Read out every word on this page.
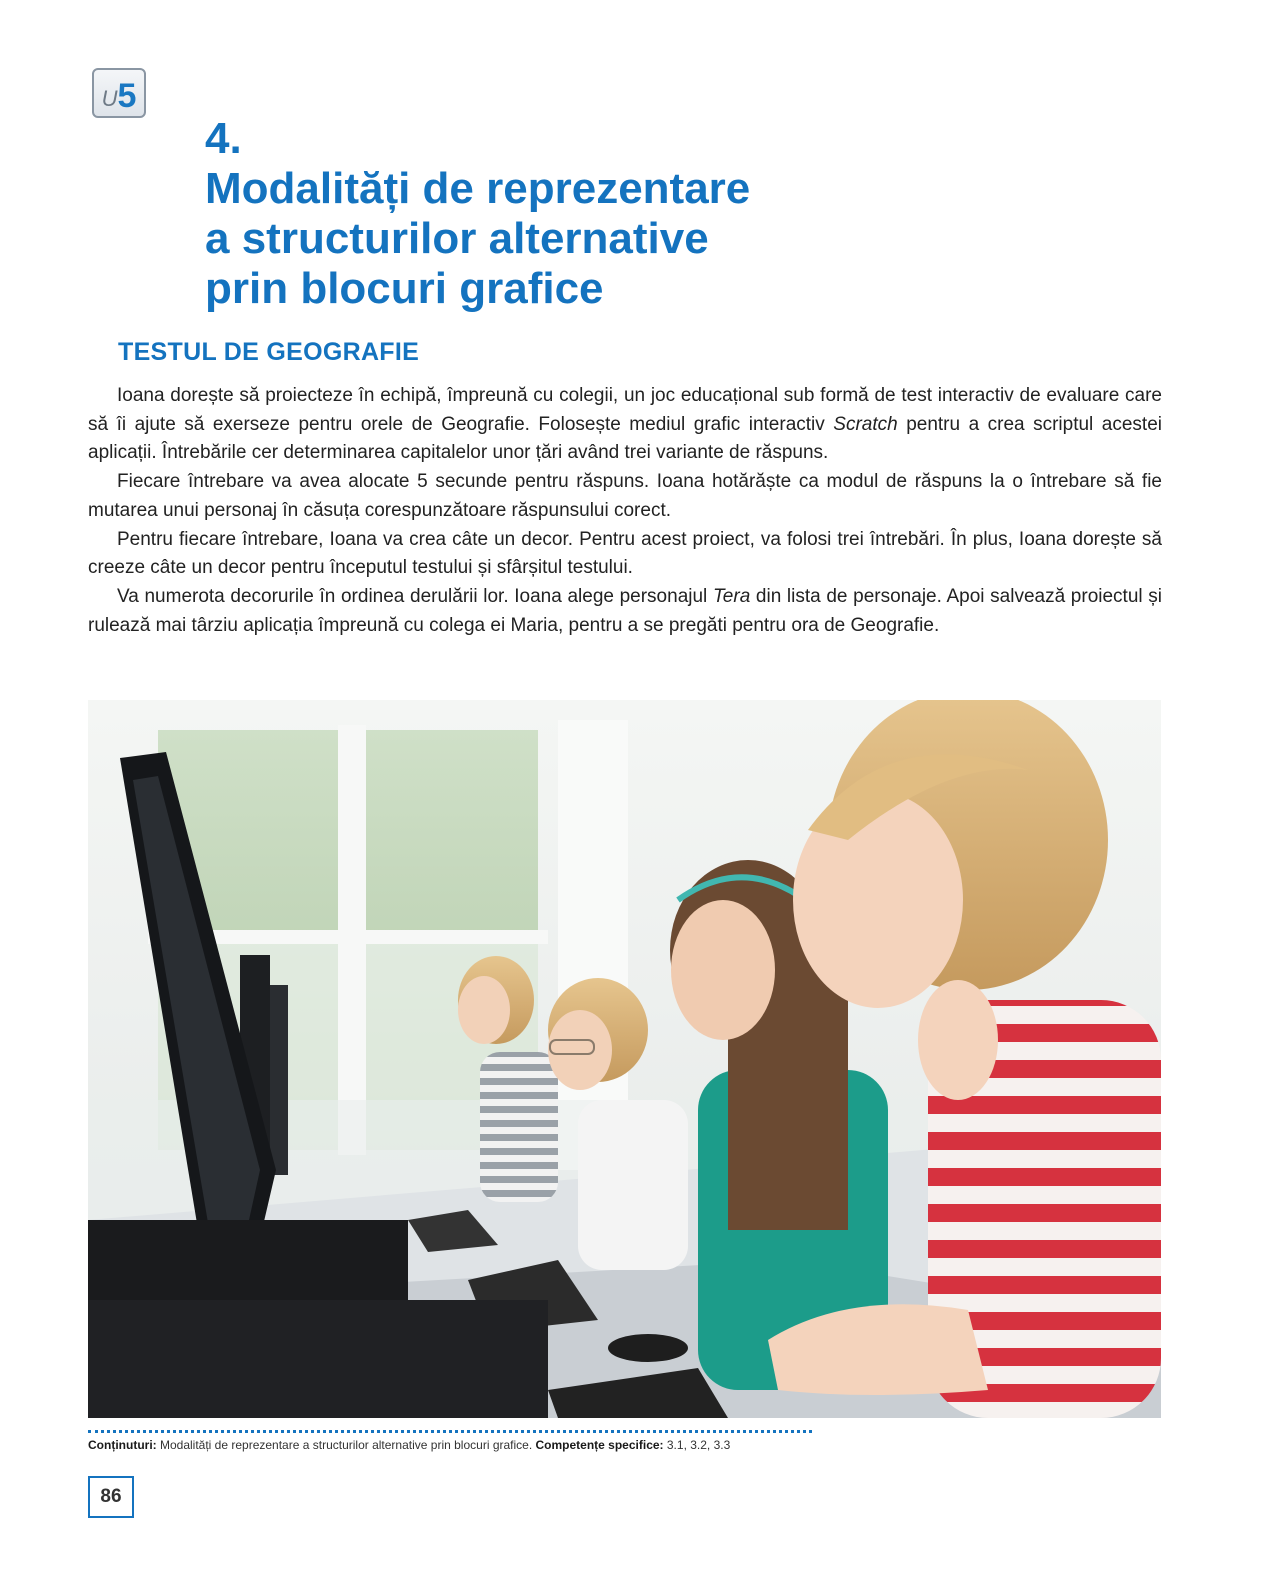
U 5
4.
Modalități de reprezentare
a structurilor alternative
prin blocuri grafice
TESTUL DE GEOGRAFIE

Ioana dorește să proiecteze în echipă, împreună cu colegii, un joc educațional sub formă de test interactiv de evaluare care să îi ajute să exerseze pentru orele de Geografie. Folosește mediul grafic interactiv Scratch pentru a crea scriptul acestei aplicații. Întrebările cer determinarea capitalelor unor țări având trei variante de răspuns.

Fiecare întrebare va avea alocate 5 secunde pentru răspuns. Ioana hotărăște ca modul de răspuns la o întrebare să fie mutarea unui personaj în căsuța corespunzătoare răspunsului corect.

Pentru fiecare întrebare, Ioana va crea câte un decor. Pentru acest proiect, va folosi trei întrebări. În plus, Ioana dorește să creeze câte un decor pentru începutul testului și sfârșitul testului.

Va numerota decorurile în ordinea derulării lor. Ioana alege personajul Tera din lista de personaje. Apoi salvează proiectul și rulează mai târziu aplicația împreună cu colega ei Maria, pentru a se pregăti pentru ora de Geografie.

Conținuturi: Modalități de reprezentare a structurilor alternative prin blocuri grafice. Competențe specifice: 3.1, 3.2, 3.3
86
